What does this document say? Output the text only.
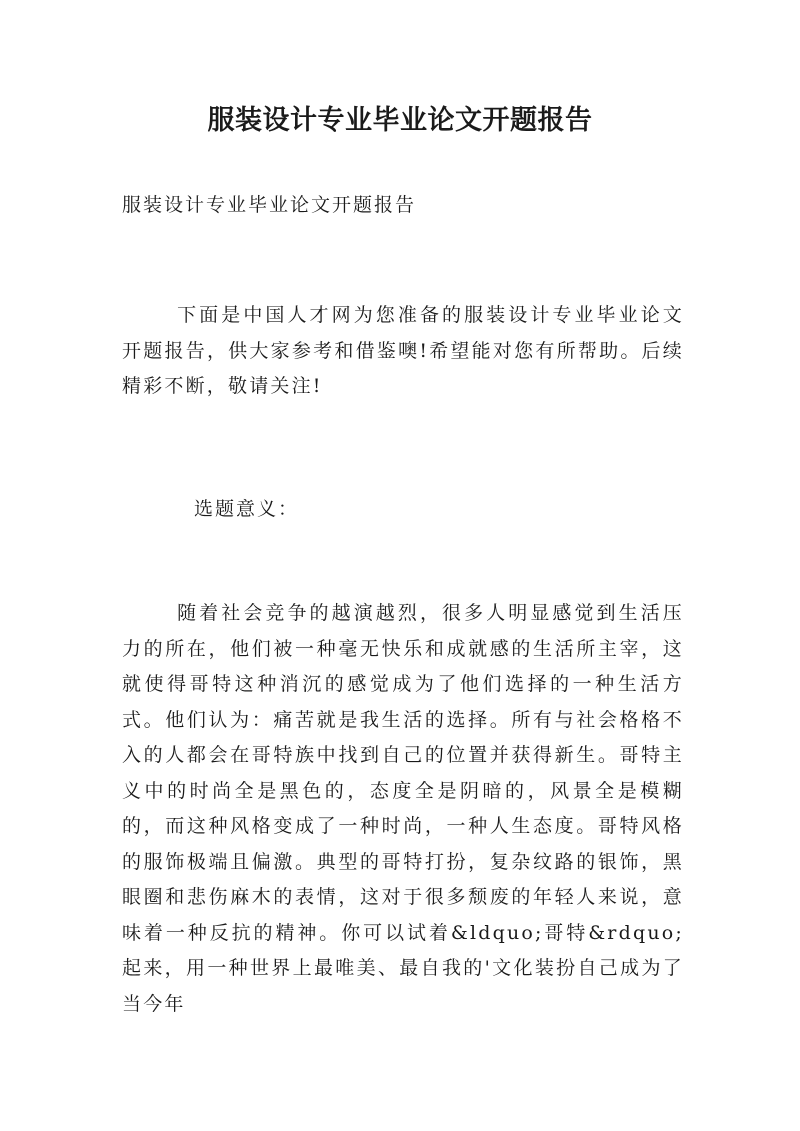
服装设计专业毕业论文开题报告
服装设计专业毕业论文开题报告
下面是中国人才网为您准备的服装设计专业毕业论文开题报告，供大家参考和借鉴噢!希望能对您有所帮助。后续精彩不断，敬请关注!
选题意义：
随着社会竞争的越演越烈，很多人明显感觉到生活压力的所在，他们被一种毫无快乐和成就感的生活所主宰，这就使得哥特这种消沉的感觉成为了他们选择的一种生活方式。他们认为：痛苦就是我生活的选择。所有与社会格格不入的人都会在哥特族中找到自己的位置并获得新生。哥特主义中的时尚全是黑色的，态度全是阴暗的，风景全是模糊的，而这种风格变成了一种时尚，一种人生态度。哥特风格的服饰极端且偏激。典型的哥特打扮，复杂纹路的银饰，黑眼圈和悲伤麻木的表情，这对于很多颓废的年轻人来说，意味着一种反抗的精神。你可以试着&ldquo;哥特&rdquo;起来，用一种世界上最唯美、最自我的'文化装扮自己成为了当今年
